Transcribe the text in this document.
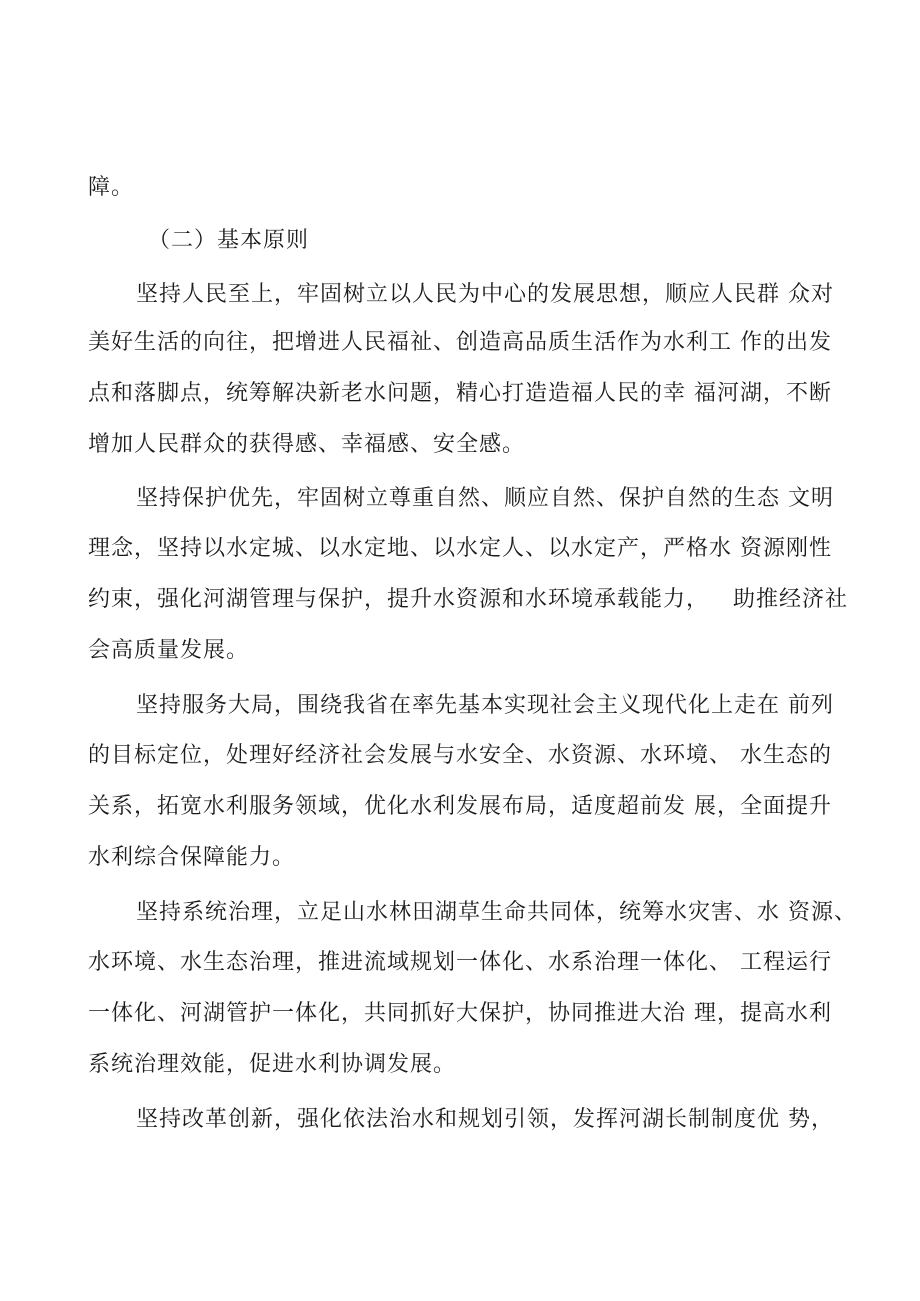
障。
（二）基本原则
坚持人民至上，牢固树立以人民为中心的发展思想，顺应人民群 众对
美好生活的向往，把增进人民福祉、创造高品质生活作为水利工 作的出发
点和落脚点，统筹解决新老水问题，精心打造造福人民的幸 福河湖，不断
增加人民群众的获得感、幸福感、安全感。
坚持保护优先，牢固树立尊重自然、顺应自然、保护自然的生态 文明
理念，坚持以水定城、以水定地、以水定人、以水定产，严格水 资源刚性
约束，强化河湖管理与保护，提升水资源和水环境承载能力，   助推经济社
会高质量发展。
坚持服务大局，围绕我省在率先基本实现社会主义现代化上走在 前列
的目标定位，处理好经济社会发展与水安全、水资源、水环境、 水生态的
关系，拓宽水利服务领域，优化水利发展布局，适度超前发 展，全面提升
水利综合保障能力。
坚持系统治理，立足山水林田湖草生命共同体，统筹水灾害、水 资源、
水环境、水生态治理，推进流域规划一体化、水系治理一体化、 工程运行
一体化、河湖管护一体化，共同抓好大保护，协同推进大治 理，提高水利
系统治理效能，促进水利协调发展。
坚持改革创新，强化依法治水和规划引领，发挥河湖长制制度优 势，
